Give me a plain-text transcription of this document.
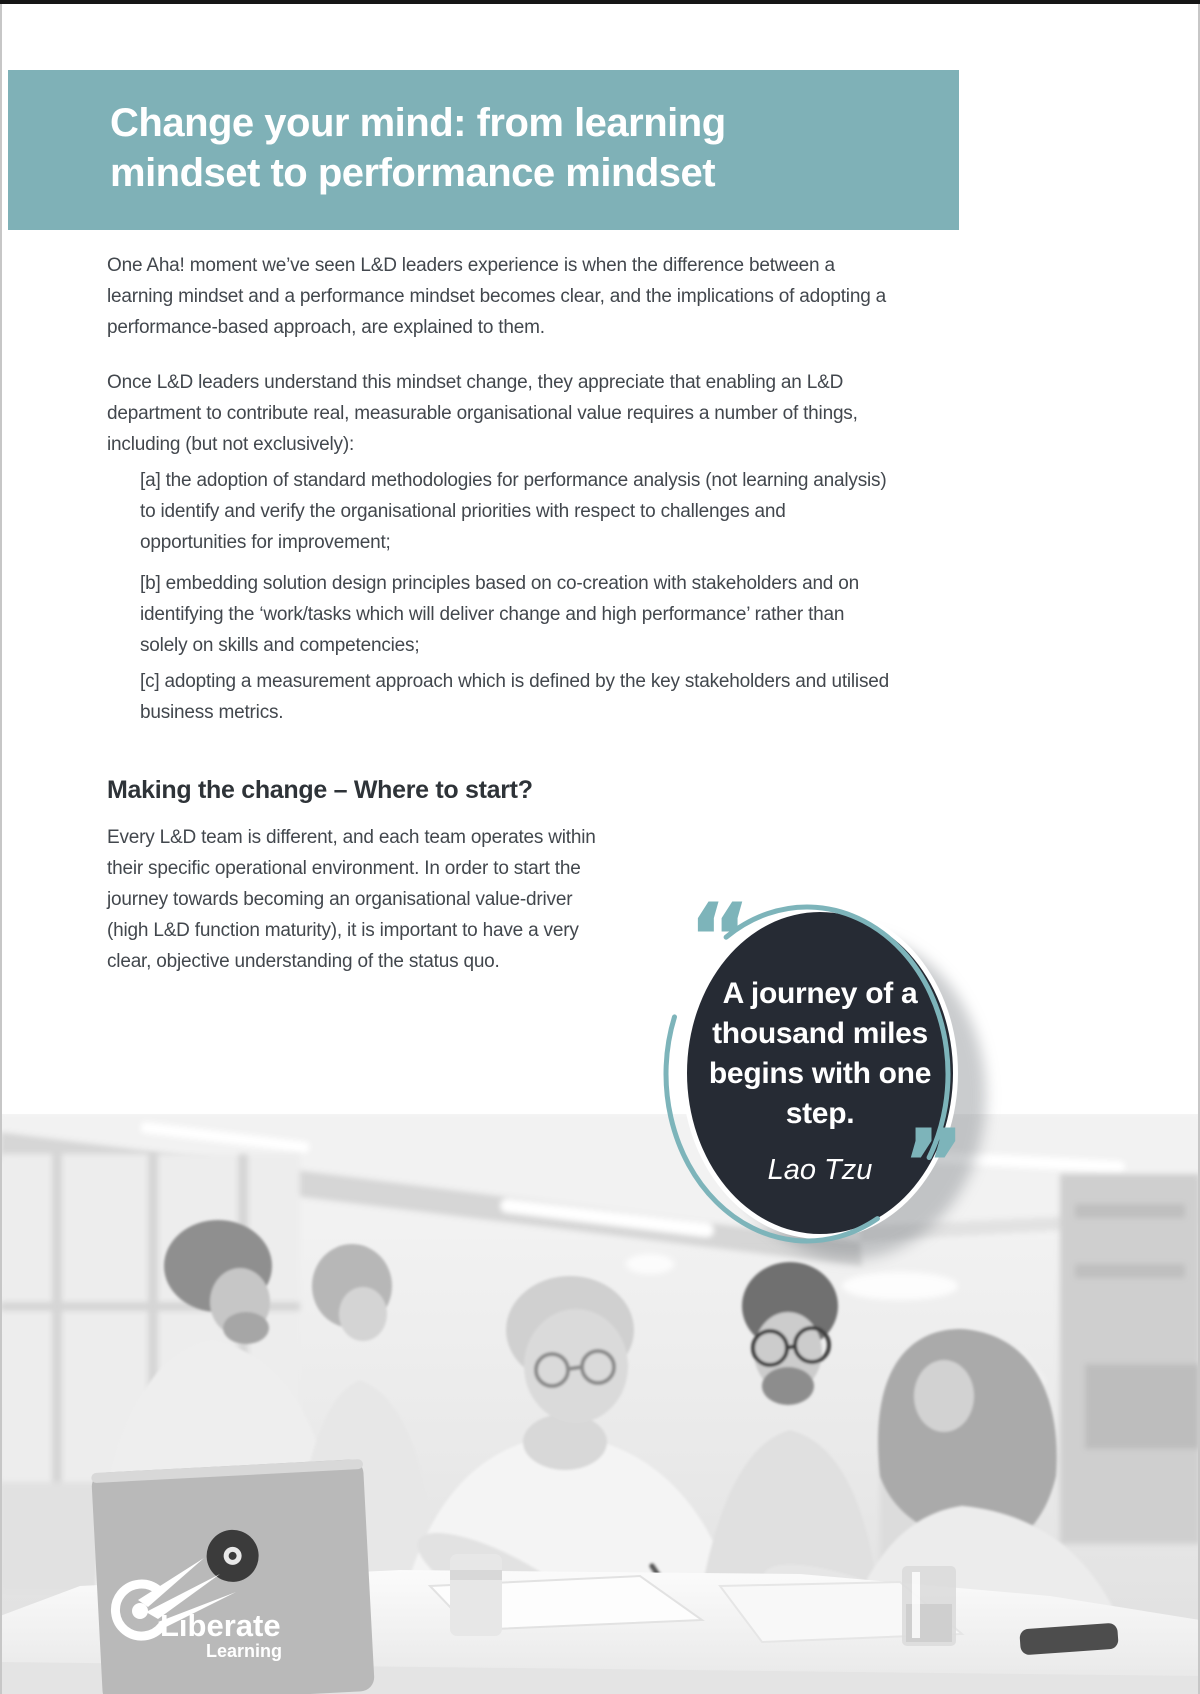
Change your mind: from learning
mindset to performance mindset

One Aha! moment we’ve seen L&D leaders experience is when the difference between a learning mindset and a performance mindset becomes clear, and the implications of adopting a performance-based approach, are explained to them.

Once L&D leaders understand this mindset change, they appreciate that enabling an L&D department to contribute real, measurable organisational value requires a number of things, including (but not exclusively):

[a] the adoption of standard methodologies for performance analysis (not learning analysis) to identify and verify the organisational priorities with respect to challenges and opportunities for improvement;

[b] embedding solution design principles based on co-creation with stakeholders and on identifying the ‘work/tasks which will deliver change and high performance’ rather than solely on skills and competencies;

[c] adopting a measurement approach which is defined by the key stakeholders and utilised business metrics.

Making the change – Where to start?

Every L&D team is different, and each team operates within their specific operational environment. In order to start the journey towards becoming an organisational value-driver (high L&D function maturity), it is important to have a very clear, objective understanding of the status quo.

Liberate
Learning
A journey of a
thousand miles
begins with one
step.
Lao Tzu
“
”
